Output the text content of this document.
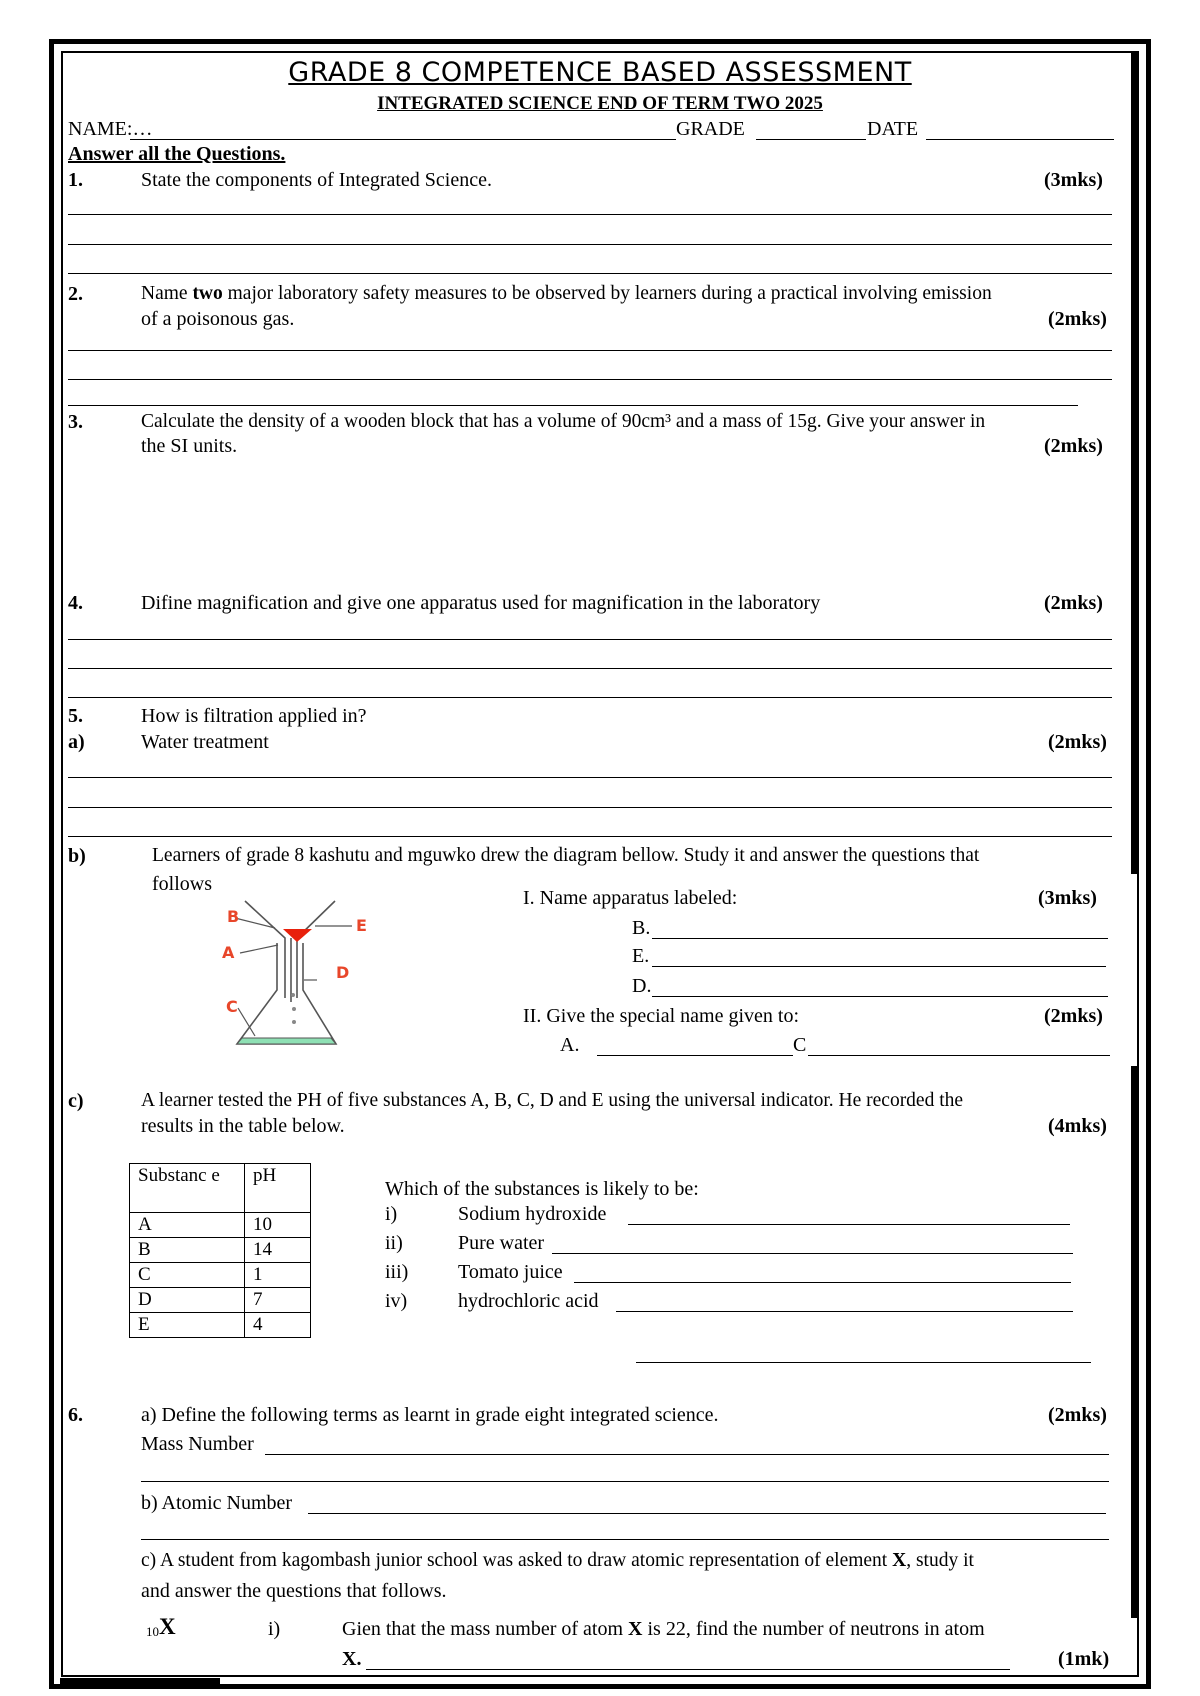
GRADE 8 COMPETENCE BASED ASSESSMENT
INTEGRATED SCIENCE END OF TERM TWO 2025
NAME:…	GRADE	DATE
Answer all the Questions.
1.	State the components of Integrated Science.	(3mks)
2.	Name two major laboratory safety measures to be observed by learners during a practical involving emission
of a poisonous gas.	(2mks)
3.	Calculate the density of a wooden block that has a volume of 90cm³ and a mass of 15g. Give your answer in
the SI units.	(2mks)
4.	Difine magnification and give one apparatus used for magnification in the laboratory	(2mks)
5.	How is filtration applied in?
a)	Water treatment	(2mks)
b)	Learners of grade 8 kashutu and mguwko drew the diagram bellow. Study it and answer the questions that
follows
B	E
A
D
C
I. Name apparatus labeled:	(3mks)
B.
E.
D.
II. Give the special name given to:	(2mks)
A.	C
c)	A learner tested the PH of five substances A, B, C, D and E using the universal indicator. He recorded the
results in the table below.	(4mks)
Substanc e	pH
A	10
B	14
C	1
D	7
E	4
Which of the substances is likely to be:
i)	Sodium hydroxide
ii)	Pure water
iii) Tomato juice
iv)	hydrochloric acid
6.	a) Define the following terms as learnt in grade eight integrated science.	(2mks)
Mass Number
b) Atomic Number
c) A student from kagombash junior school was asked to draw atomic representation of element X, study it
and answer the questions that follows.
10X	i)	Gien that the mass number of atom X is 22, find the number of neutrons in atom
X.	(1mk)
